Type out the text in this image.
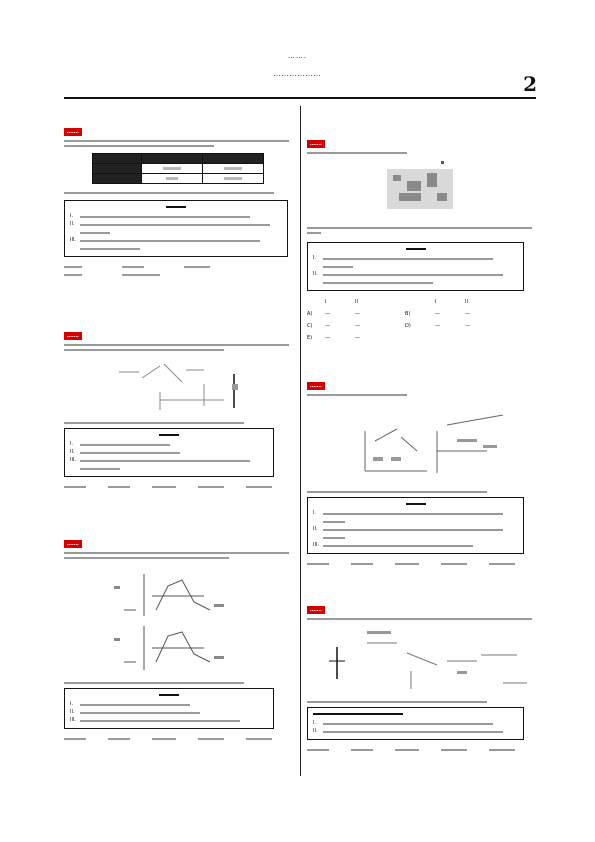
…….
………………	2
…….

I.
II.
III.
…….
I.
II.
III.
…….
I.
II.
III.
…….
I.
II.
I	II	I	II
A)	—	—	B)	—	—
C)	—	—	D)	—	—
E)	—	—
…….
I.
II.
III.
…….
I.
II.
